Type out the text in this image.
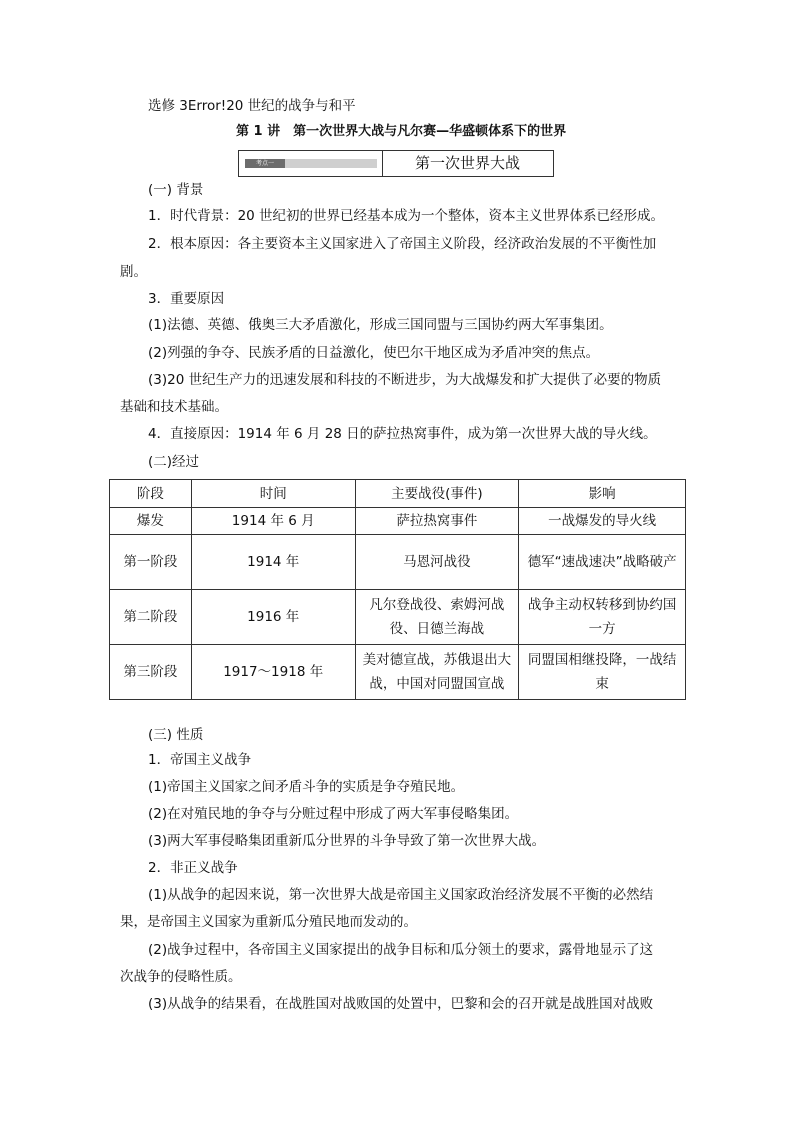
选修 3Error!20 世纪的战争与和平
第 1 讲　第一次世界大战与凡尔赛—华盛顿体系下的世界
考点一	第一次世界大战
(一) 背景
1．时代背景：20 世纪初的世界已经基本成为一个整体，资本主义世界体系已经形成。
2．根本原因：各主要资本主义国家进入了帝国主义阶段，经济政治发展的不平衡性加
剧。
3．重要原因
(1)法德、英德、俄奥三大矛盾激化，形成三国同盟与三国协约两大军事集团。
(2)列强的争夺、民族矛盾的日益激化，使巴尔干地区成为矛盾冲突的焦点。
(3)20 世纪生产力的迅速发展和科技的不断进步，为大战爆发和扩大提供了必要的物质
基础和技术基础。
4．直接原因：1914 年 6 月 28 日的萨拉热窝事件，成为第一次世界大战的导火线。
(二)经过
阶段	时间	主要战役(事件)	影响
爆发	1914 年 6 月	萨拉热窝事件	一战爆发的导火线
第一阶段	1914 年	马恩河战役	德军“速战速决”战略破产
第二阶段	1916 年	凡尔登战役、索姆河战役、日德兰海战	战争主动权转移到协约国一方
第三阶段	1917～1918 年	美对德宣战，苏俄退出大战，中国对同盟国宣战	同盟国相继投降，一战结束
(三) 性质
1．帝国主义战争
(1)帝国主义国家之间矛盾斗争的实质是争夺殖民地。
(2)在对殖民地的争夺与分赃过程中形成了两大军事侵略集团。
(3)两大军事侵略集团重新瓜分世界的斗争导致了第一次世界大战。
2．非正义战争
(1)从战争的起因来说，第一次世界大战是帝国主义国家政治经济发展不平衡的必然结
果，是帝国主义国家为重新瓜分殖民地而发动的。
(2)战争过程中，各帝国主义国家提出的战争目标和瓜分领土的要求，露骨地显示了这
次战争的侵略性质。
(3)从战争的结果看，在战胜国对战败国的处置中，巴黎和会的召开就是战胜国对战败
